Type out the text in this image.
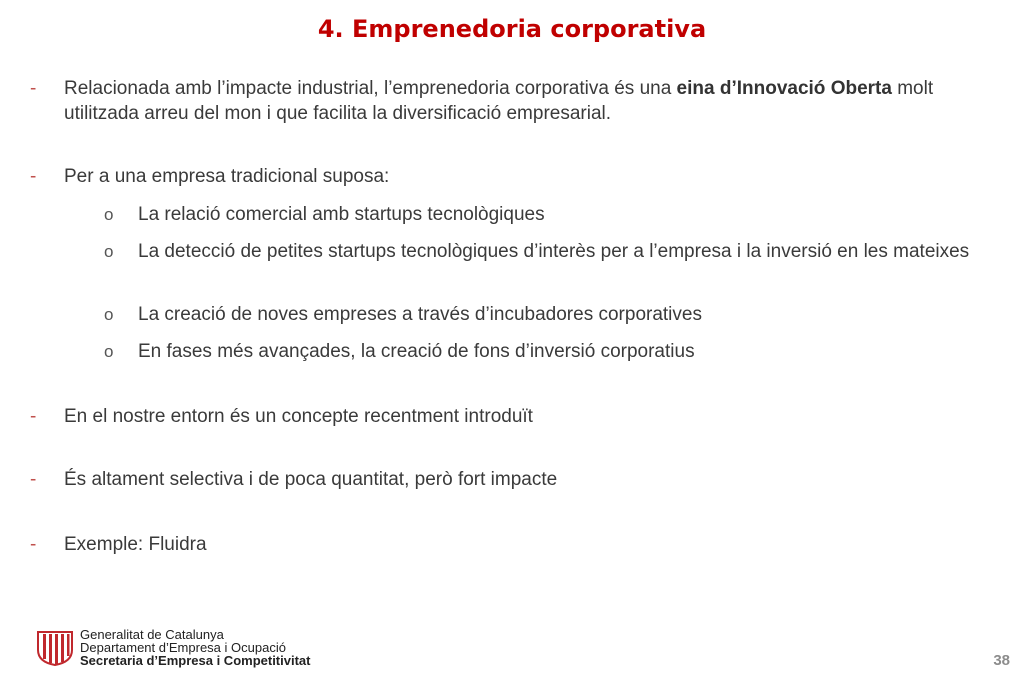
4. Emprenedoria corporativa
- Relacionada amb l’impacte industrial, l’emprenedoria corporativa és una eina d’Innovació Oberta molt utilitzada arreu del mon i que facilita la diversificació empresarial.
- Per a una empresa tradicional suposa:
o La relació comercial amb startups tecnològiques
o La detecció de petites startups tecnològiques d’interès per a l’empresa i la inversió en les mateixes
o La creació de noves empreses a través d’incubadores corporatives
o En fases més avançades, la creació de fons d’inversió corporatius
- En el nostre entorn és un concepte recentment introduït
- És altament selectiva i de poca quantitat, però fort impacte
- Exemple: Fluidra
Generalitat de Catalunya
Departament d’Empresa i Ocupació
Secretaria d’Empresa i Competitivitat	38
